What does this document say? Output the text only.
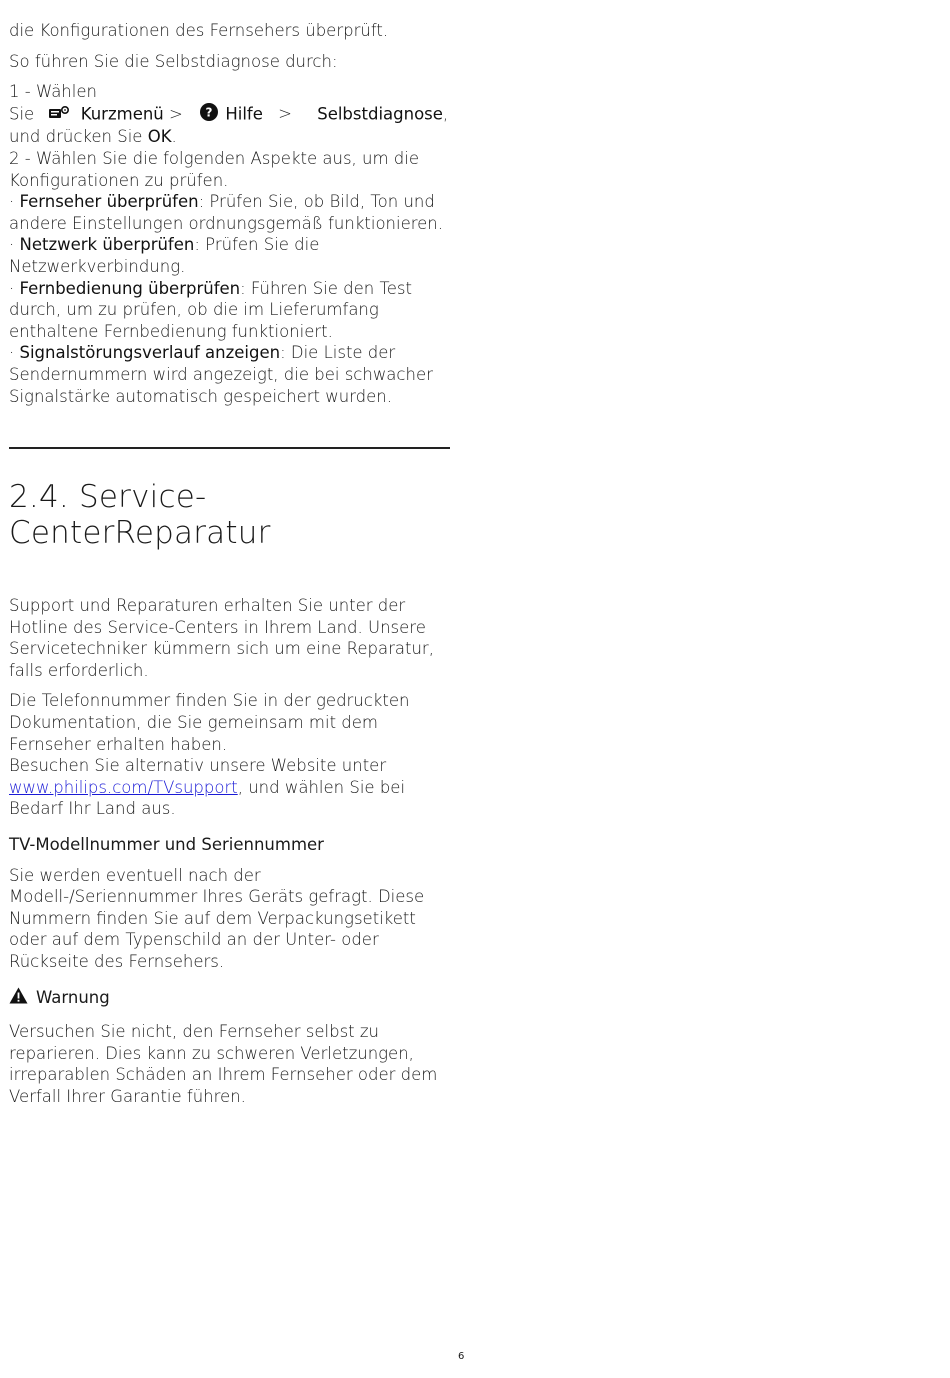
die Konfigurationen des Fernsehers überprüft.

So führen Sie die Selbstdiagnose durch:

1 - Wählen

Sie	Kurzmenü > ? Hilfe > Selbstdiagnose,

und drücken Sie OK.

2 - Wählen Sie die folgenden Aspekte aus, um die Konfigurationen zu prüfen.

· Fernseher überprüfen: Prüfen Sie, ob Bild, Ton und andere Einstellungen ordnungsgemäß funktionieren.

· Netzwerk überprüfen: Prüfen Sie die Netzwerkverbindung.

· Fernbedienung überprüfen: Führen Sie den Test durch, um zu prüfen, ob die im Lieferumfang enthaltene Fernbedienung funktioniert.

· Signalstörungsverlauf anzeigen: Die Liste der Sendernummern wird angezeigt, die bei schwacher Signalstärke automatisch gespeichert wurden.

2.4. Service-CenterReparatur

Support und Reparaturen erhalten Sie unter der Hotline des Service-Centers in Ihrem Land. Unsere Servicetechniker kümmern sich um eine Reparatur, falls erforderlich.

Die Telefonnummer finden Sie in der gedruckten Dokumentation, die Sie gemeinsam mit dem Fernseher erhalten haben.

Besuchen Sie alternativ unsere Website unter www.philips.com/TVsupport, und wählen Sie bei Bedarf Ihr Land aus.

TV-Modellnummer und Seriennummer

Sie werden eventuell nach der Modell-/Seriennummer Ihres Geräts gefragt. Diese Nummern finden Sie auf dem Verpackungsetikett oder auf dem Typenschild an der Unter- oder Rückseite des Fernsehers.

Warnung

Versuchen Sie nicht, den Fernseher selbst zu reparieren. Dies kann zu schweren Verletzungen, irreparablen Schäden an Ihrem Fernseher oder dem Verfall Ihrer Garantie führen.

6
